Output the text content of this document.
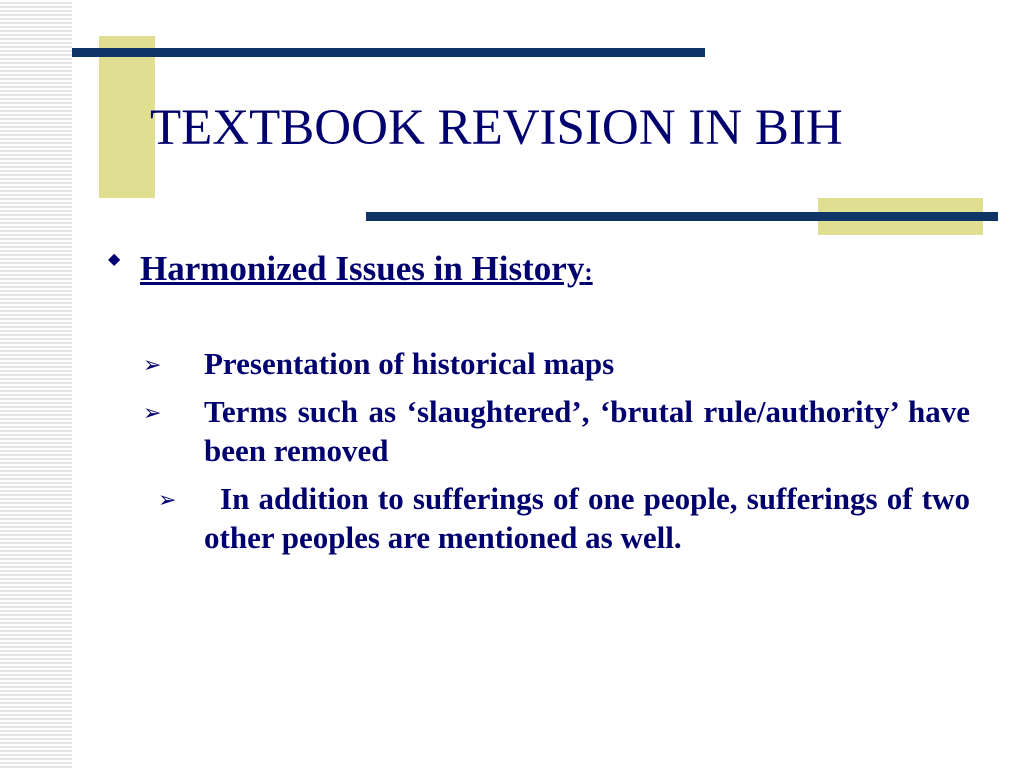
TEXTBOOK REVISION IN BIH
◆ Harmonized Issues in History:
➢ Presentation of historical maps
➢ Terms such as ‘slaughtered’, ‘brutal rule/authority’ have been removed
➢	In addition to sufferings of one people, sufferings of two other peoples are mentioned as well.
